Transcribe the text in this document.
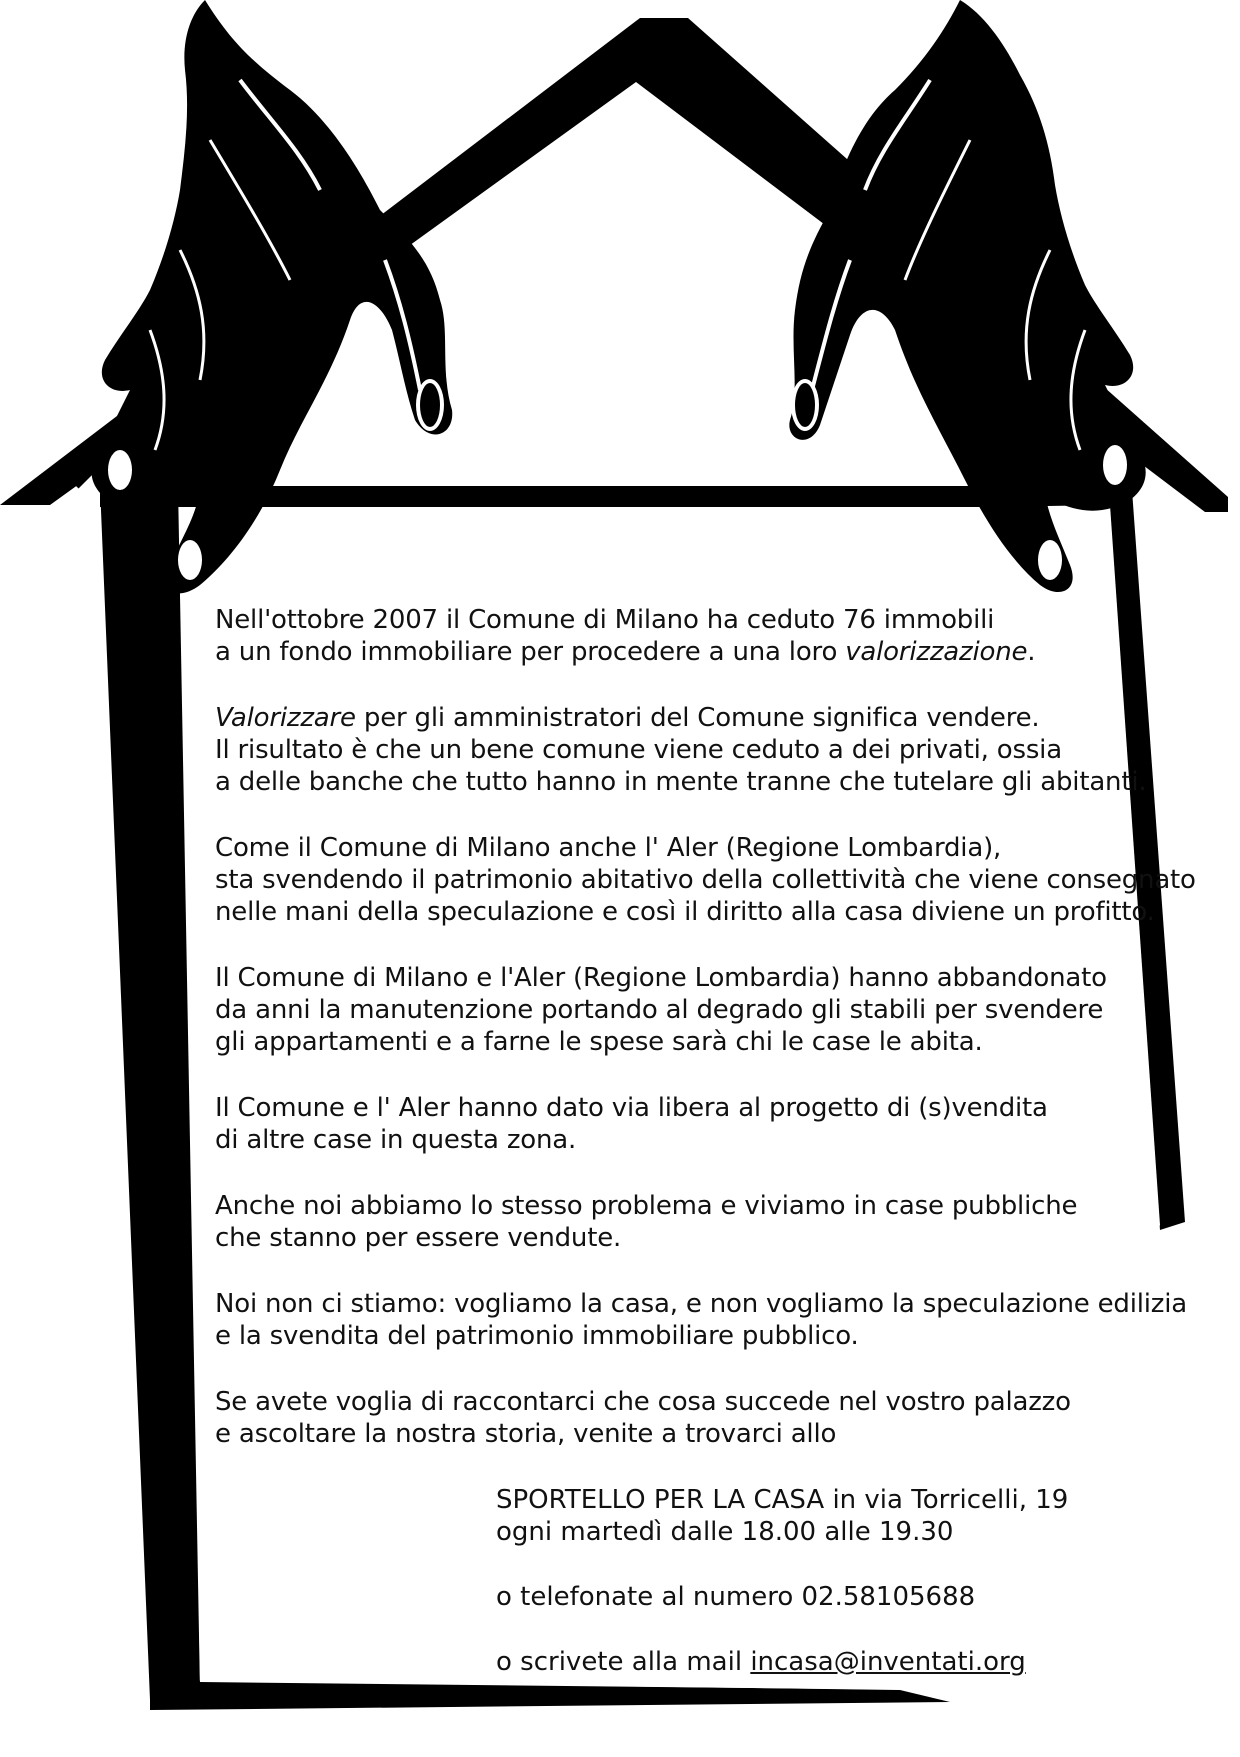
Nell'ottobre 2007 il Comune di Milano ha ceduto 76 immobili
a un fondo immobiliare per procedere a una loro valorizzazione.
Valorizzare per gli amministratori del Comune significa vendere.
Il risultato è che un bene comune viene ceduto a dei privati, ossia
a delle banche che tutto hanno in mente tranne che tutelare gli abitanti.
Come il Comune di Milano anche l' Aler (Regione Lombardia),
sta svendendo il patrimonio abitativo della collettività che viene consegnato
nelle mani della speculazione e così il diritto alla casa diviene un profitto.
Il Comune di Milano e l'Aler (Regione Lombardia) hanno abbandonato
da anni la manutenzione portando al degrado gli stabili per svendere
gli appartamenti e a farne le spese sarà chi le case le abita.
Il Comune e l' Aler hanno dato via libera al progetto di (s)vendita
di altre case in questa zona.
Anche noi abbiamo lo stesso problema e viviamo in case pubbliche
che stanno per essere vendute.
Noi non ci stiamo: vogliamo la casa, e non vogliamo la speculazione edilizia
e la svendita del patrimonio immobiliare pubblico.
Se avete voglia di raccontarci che cosa succede nel vostro palazzo
e ascoltare la nostra storia, venite a trovarci allo
SPORTELLO PER LA CASA in via Torricelli, 19
ogni martedì dalle 18.00 alle 19.30
o telefonate al numero 02.58105688
o scrivete alla mail incasa@inventati.org
